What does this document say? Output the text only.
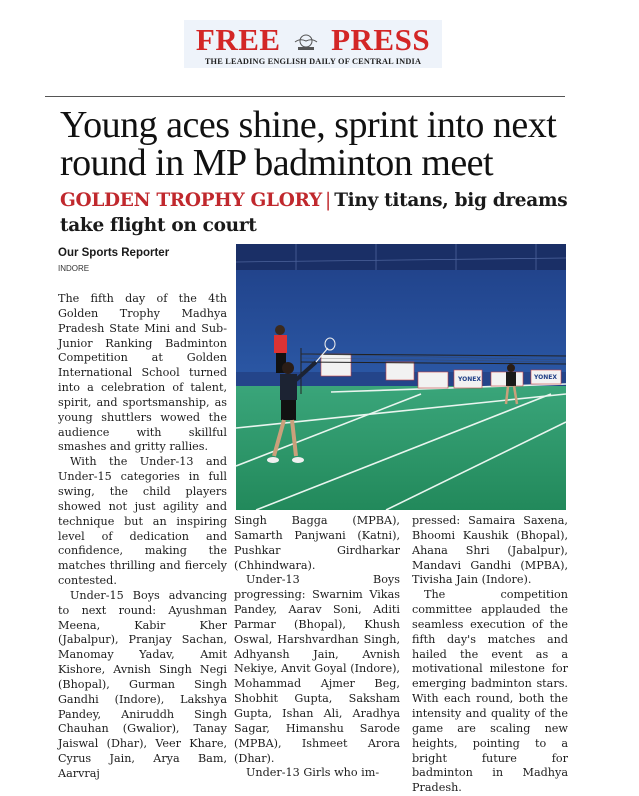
FREE PRESS
THE LEADING ENGLISH DAILY OF CENTRAL INDIA
Young aces shine, sprint into next
round in MP badminton meet
GOLDEN TROPHY GLORY | Tiny titans, big dreams take flight on court
Our Sports Reporter
INDORE
YONEX	YONEX

The fifth day of the 4th Golden Trophy Madhya Pradesh State Mini and Sub-Junior Ranking Badminton Competition at Golden International School turned into a celebration of talent, spirit, and sportsmanship, as young shuttlers wowed the audience with skillful smashes and gritty rallies.

With the Under-13 and Under-15 categories in full swing, the child players showed not just agility and technique but an inspiring level of dedication and confidence, making the matches thrilling and fiercely contested.

Under-15 Boys advancing to next round: Ayushman Meena, Kabir Kher (Jabalpur), Pranjay Sachan, Manomay Yadav, Amit Kishore, Avnish Singh Negi (Bhopal), Gurman Singh Gandhi (Indore), Lakshya Pandey, Aniruddh Singh Chauhan (Gwalior), Tanay Jaiswal (Dhar), Veer Khare, Cyrus Jain, Arya Bam, Aarvraj

Singh Bagga (MPBA), Samarth Panjwani (Katni), Pushkar Girdharkar (Chhindwara).

Under-13 Boys progressing: Swarnim Vikas Pandey, Aarav Soni, Aditi Parmar (Bhopal), Khush Oswal, Harshvardhan Singh, Adhyansh Jain, Avnish Nekiye, Anvit Goyal (Indore), Mohammad Ajmer Beg, Shobhit Gupta, Saksham Gupta, Ishan Ali, Aradhya Sagar, Himanshu Sarode (MPBA), Ishmeet Arora (Dhar).

Under-13 Girls who im-

pressed: Samaira Saxena, Bhoomi Kaushik (Bhopal), Ahana Shri (Jabalpur), Mandavi Gandhi (MPBA), Tivisha Jain (Indore).

The competition committee applauded the seamless execution of the fifth day's matches and hailed the event as a motivational milestone for emerging badminton stars. With each round, both the intensity and quality of the game are scaling new heights, pointing to a bright future for badminton in Madhya Pradesh.
